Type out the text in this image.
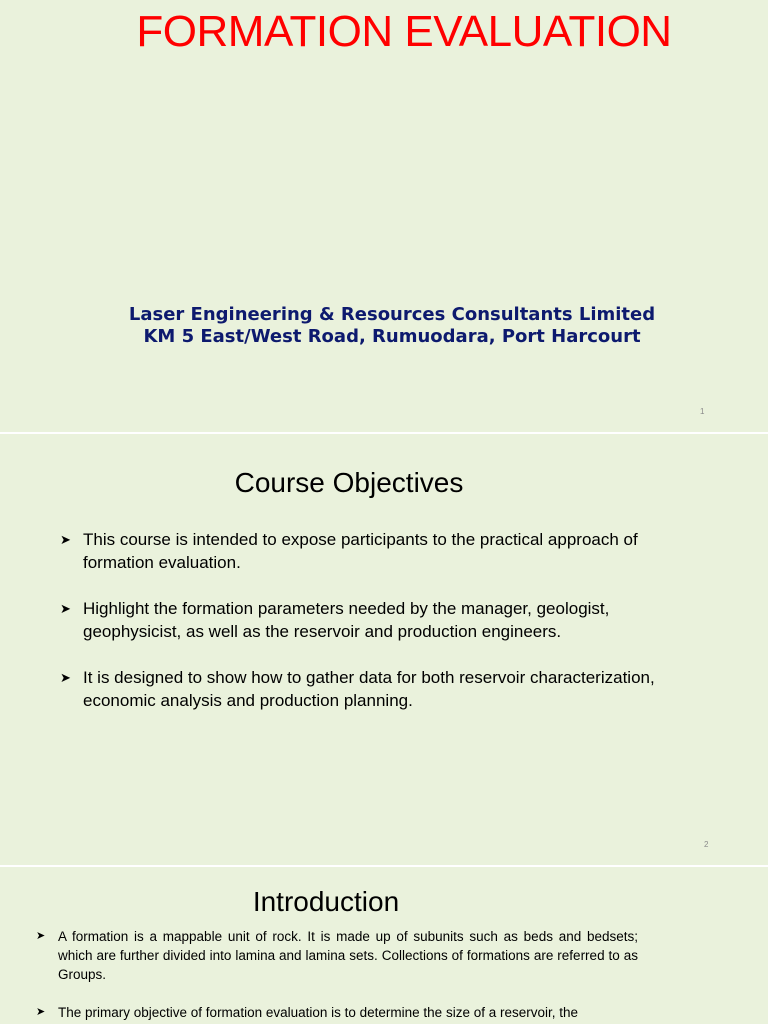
FORMATION EVALUATION
Laser Engineering & Resources Consultants Limited
KM 5 East/West Road, Rumuodara, Port Harcourt
1
Course Objectives
➤ This course is intended to expose participants to the practical approach of formation evaluation.
➤ Highlight the formation parameters needed by the manager, geologist, geophysicist, as well as the reservoir and production engineers.
➤ It is designed to show how to gather data for both reservoir characterization, economic analysis and production planning.
2
Introduction
➤ A formation is a mappable unit of rock. It is made up of subunits such as beds and bedsets; which are further divided into lamina and lamina sets. Collections of formations are referred to as Groups.
➤ The primary objective of formation evaluation is to determine the size of a reservoir, the
